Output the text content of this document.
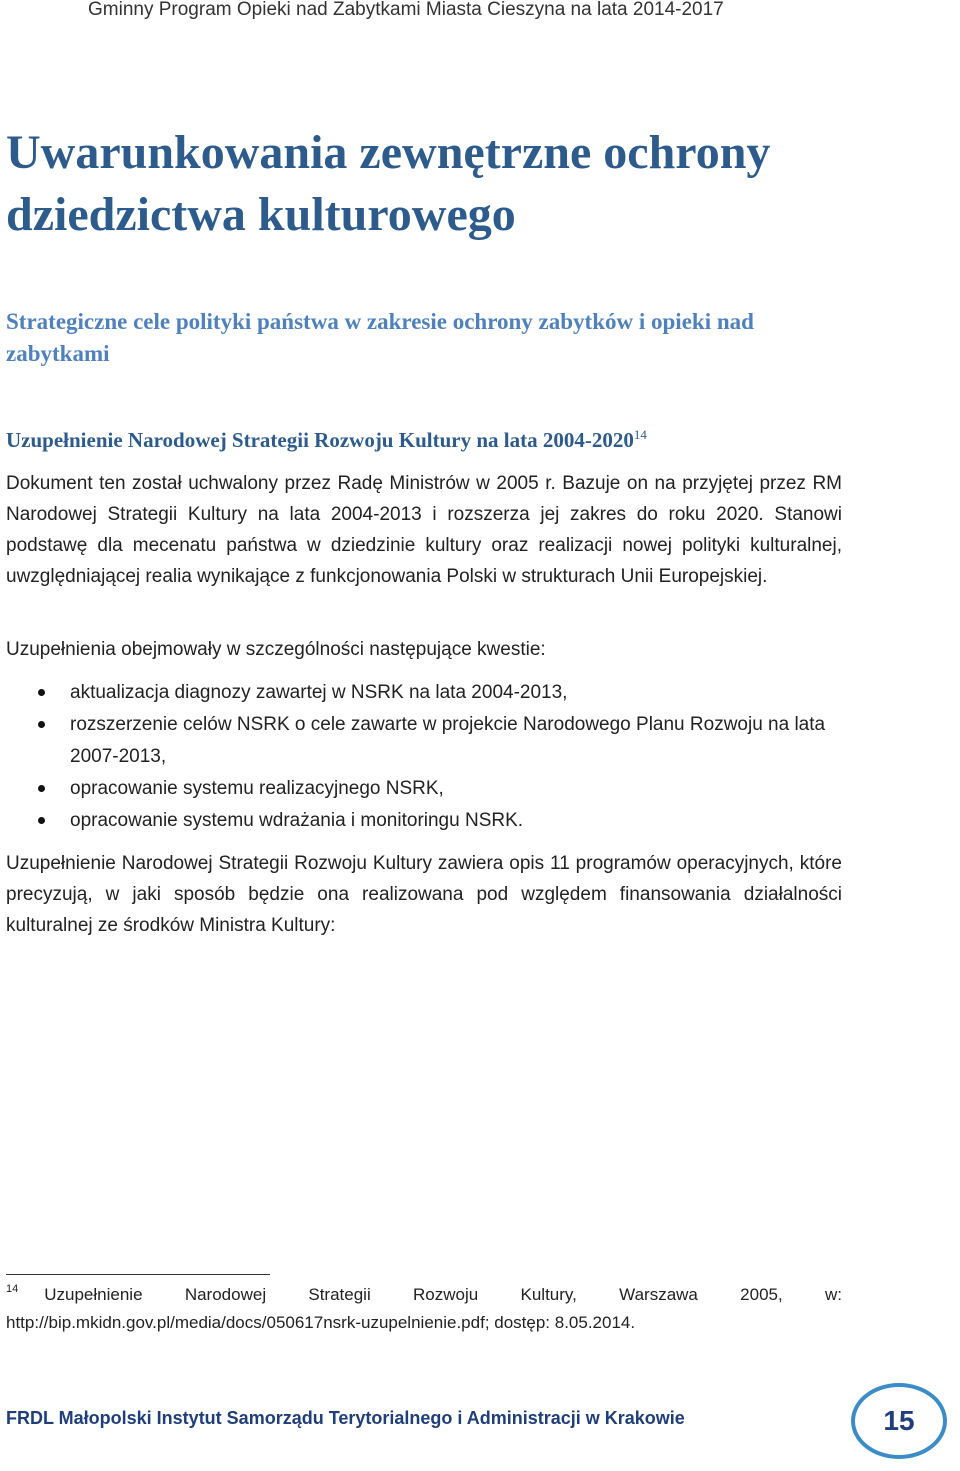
Gminny Program Opieki nad Zabytkami Miasta Cieszyna na lata 2014-2017
Uwarunkowania zewnętrzne ochrony dziedzictwa kulturowego
Strategiczne cele polityki państwa w zakresie ochrony zabytków i opieki nad zabytkami
Uzupełnienie Narodowej Strategii Rozwoju Kultury na lata 2004-2020$^{14}$

Dokument ten został uchwalony przez Radę Ministrów w 2005 r. Bazuje on na przyjętej przez RM Narodowej Strategii Kultury na lata 2004-2013 i rozszerza jej zakres do roku 2020. Stanowi podstawę dla mecenatu państwa w dziedzinie kultury oraz realizacji nowej polityki kulturalnej, uwzględniającej realia wynikające z funkcjonowania Polski w strukturach Unii Europejskiej.

Uzupełnienia obejmowały w szczególności następujące kwestie:

aktualizacja diagnozy zawartej w NSRK na lata 2004-2013,
rozszerzenie celów NSRK o cele zawarte w projekcie Narodowego Planu Rozwoju na lata 2007-2013,
opracowanie systemu realizacyjnego NSRK,
opracowanie systemu wdrażania i monitoringu NSRK.

Uzupełnienie Narodowej Strategii Rozwoju Kultury zawiera opis 11 programów operacyjnych, które precyzują, w jaki sposób będzie ona realizowana pod względem finansowania działalności kulturalnej ze środków Ministra Kultury:

14 Uzupełnienie Narodowej Strategii Rozwoju Kultury, Warszawa 2005, w:
http://bip.mkidn.gov.pl/media/docs/050617nsrk-uzupelnienie.pdf; dostęp: 8.05.2014.
FRDL Małopolski Instytut Samorządu Terytorialnego i Administracji w Krakowie	15
